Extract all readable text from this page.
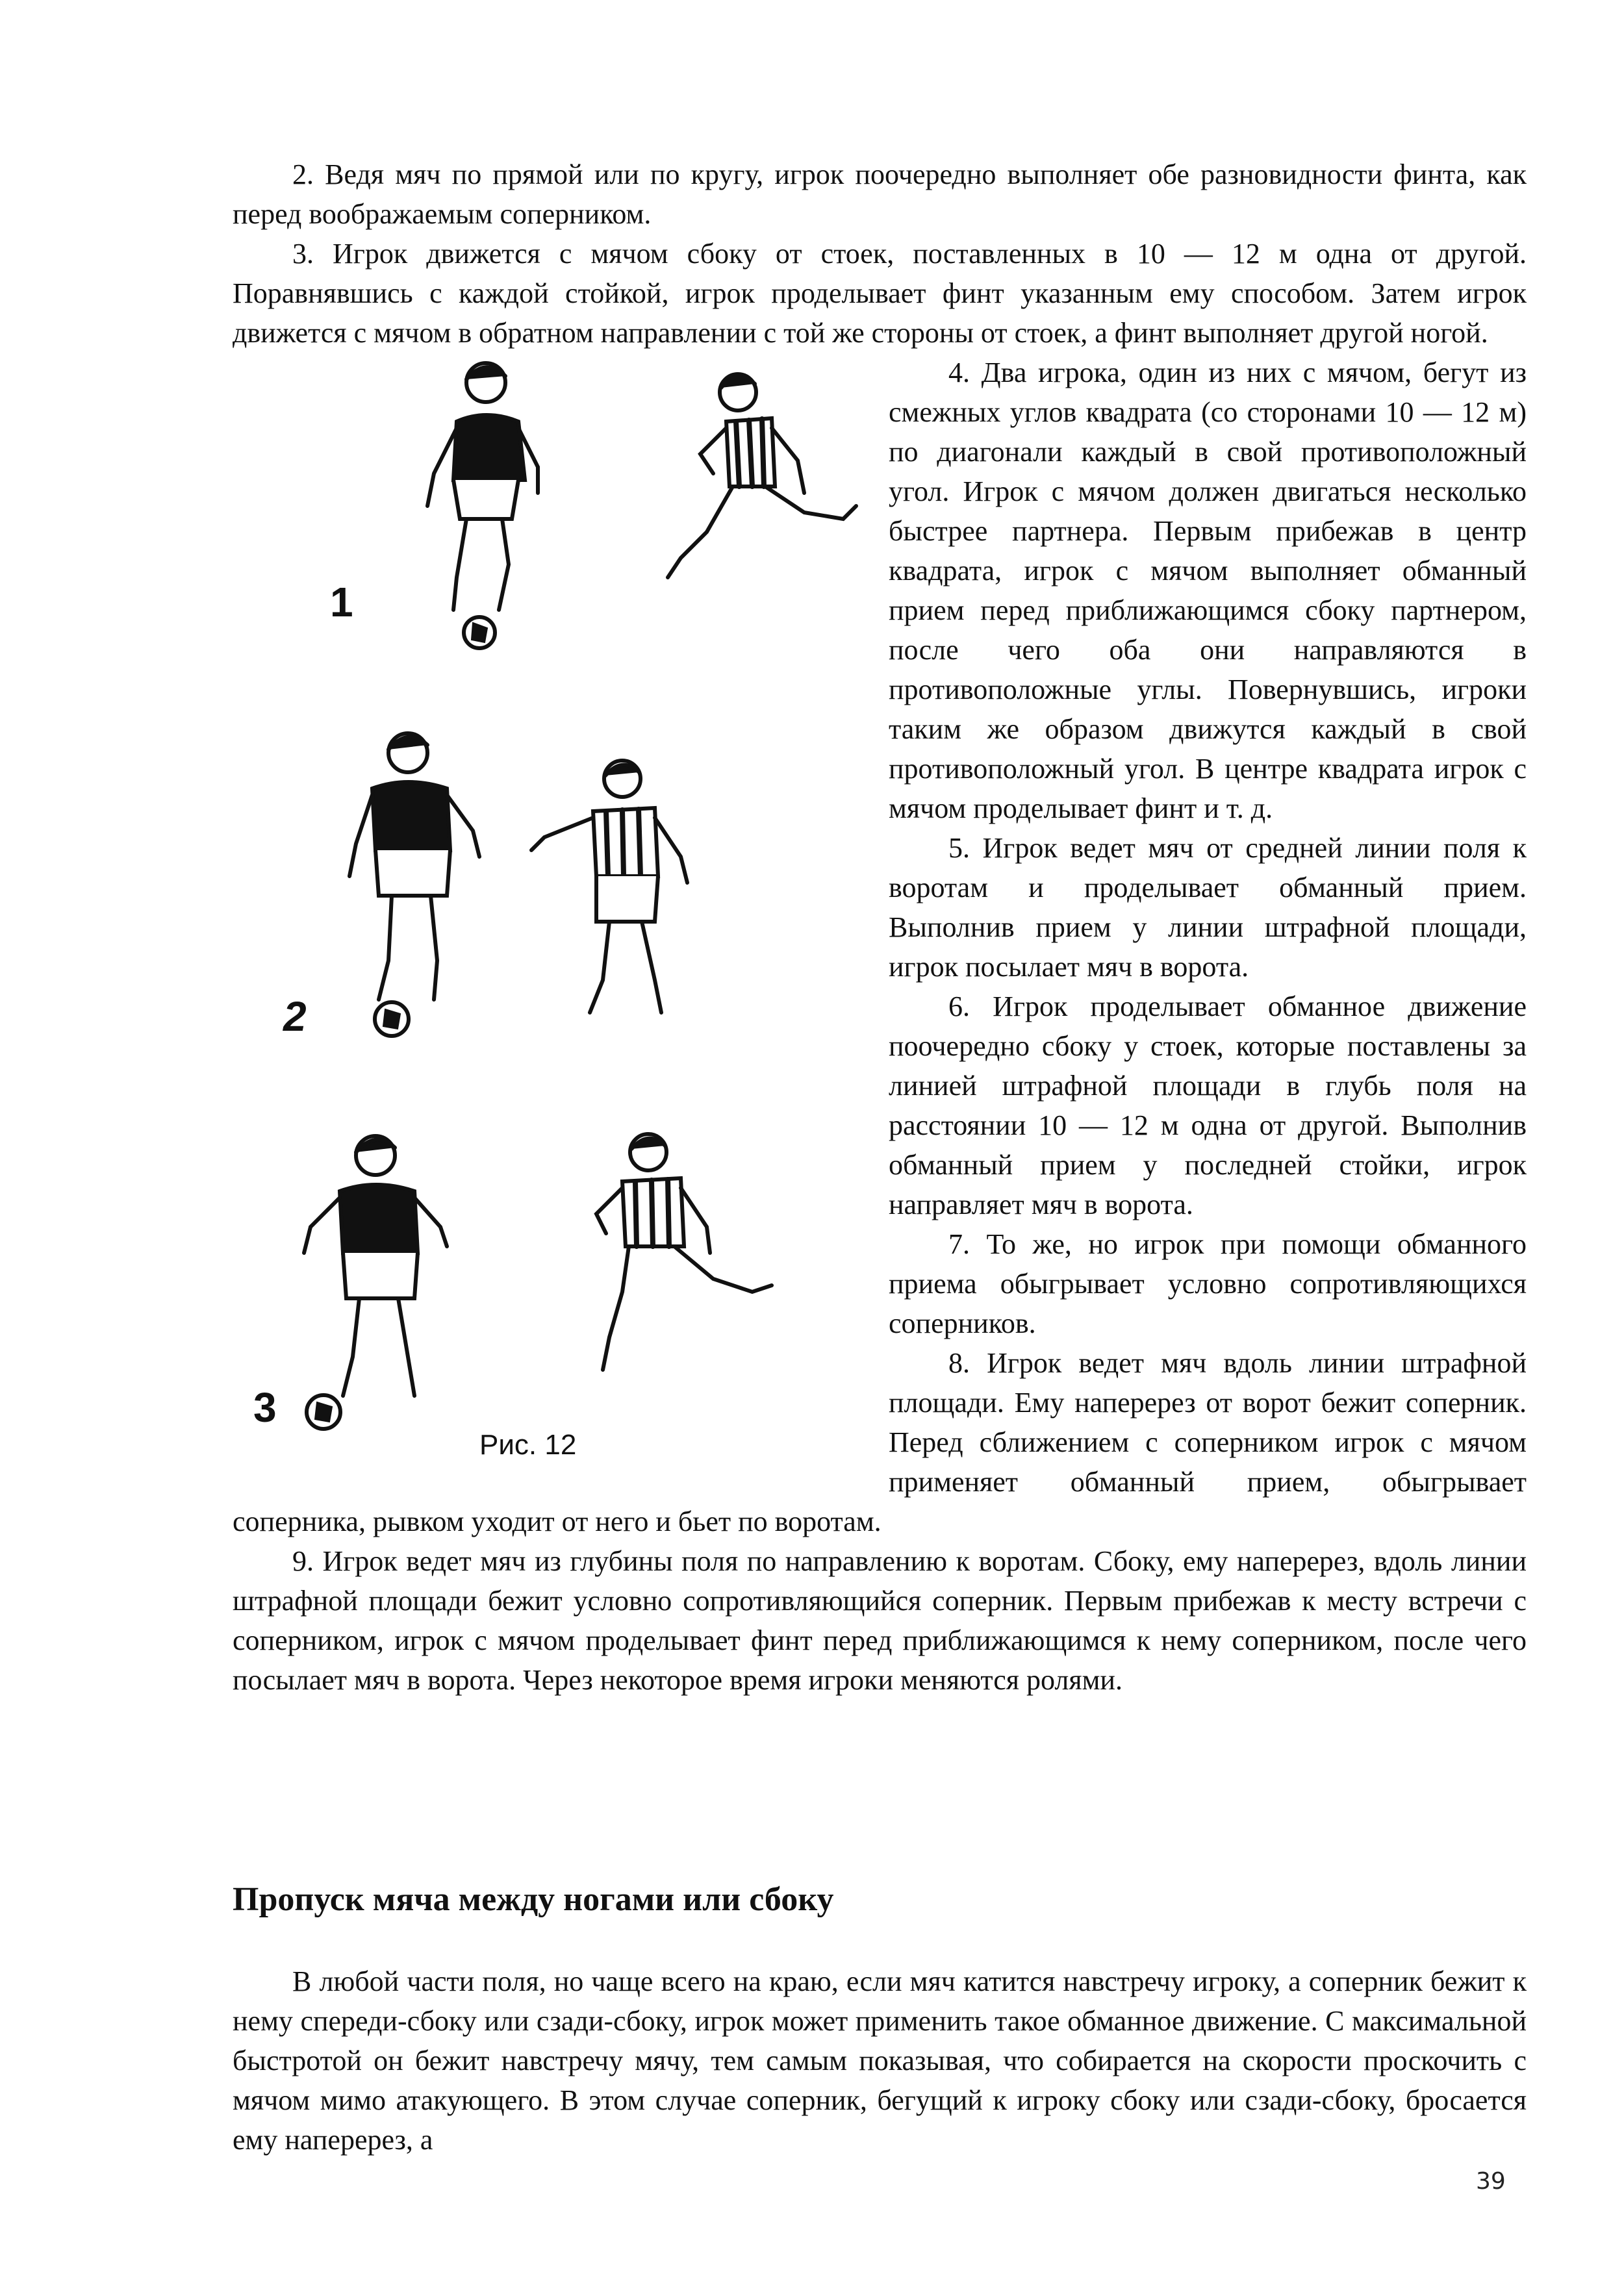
2. Ведя мяч по прямой или по кругу, игрок поочередно выполняет обе разновидности финта, как перед воображаемым соперником.

3. Игрок движется с мячом сбоку от стоек, поставленных в 10 — 12 м одна от другой. Поравнявшись с каждой стойкой, игрок проделывает финт указанным ему способом. Затем игрок движется с мячом в обратном направлении с той же стороны от стоек, а финт выполняет другой ногой.

1
2
3
Рис. 12

4. Два игрока, один из них с мячом, бегут из смежных углов квадрата (со сторонами 10 — 12 м) по диагонали каждый в свой противоположный угол. Игрок с мячом должен двигаться несколько быстрее партнера. Первым прибежав в центр квадрата, игрок с мячом выполняет обманный прием перед приближающимся сбоку партнером, после чего оба они направляются в противоположные углы. Повернувшись, игроки таким же образом движутся каждый в свой противоположный угол. В центре квадрата игрок с мячом проделывает финт и т. д.

5. Игрок ведет мяч от средней линии поля к воротам и проделывает обманный прием. Выполнив прием у линии штрафной площади, игрок посылает мяч в ворота.

6. Игрок проделывает обманное движение поочередно сбоку у стоек, которые поставлены за линией штрафной площади в глубь поля на расстоянии 10 — 12 м одна от другой. Выполнив обманный прием у последней стойки, игрок направляет мяч в ворота.

7. То же, но игрок при помощи обманного приема обыгрывает условно сопротивляющихся соперников.

8. Игрок ведет мяч вдоль линии штрафной площади. Ему наперерез от ворот бежит соперник. Перед сближением с соперником игрок с мячом применяет обманный прием, обыгрывает соперника, рывком уходит от него и бьет по воротам.

9. Игрок ведет мяч из глубины поля по направлению к воротам. Сбоку, ему наперерез, вдоль линии штрафной площади бежит условно сопротивляющийся соперник. Первым прибежав к месту встречи с соперником, игрок с мячом проделывает финт перед приближающимся к нему соперником, после чего посылает мяч в ворота. Через некоторое время игроки меняются ролями.

Пропуск мяча между ногами или сбоку

В любой части поля, но чаще всего на краю, если мяч катится навстречу игроку, а соперник бежит к нему спереди-сбоку или сзади-сбоку, игрок может применить такое обманное движение. С максимальной быстротой он бежит навстречу мячу, тем самым показывая, что собирается на скорости проскочить с мячом мимо атакующего. В этом случае соперник, бегущий к игроку сбоку или сзади-сбоку, бросается ему наперерез, а

39
